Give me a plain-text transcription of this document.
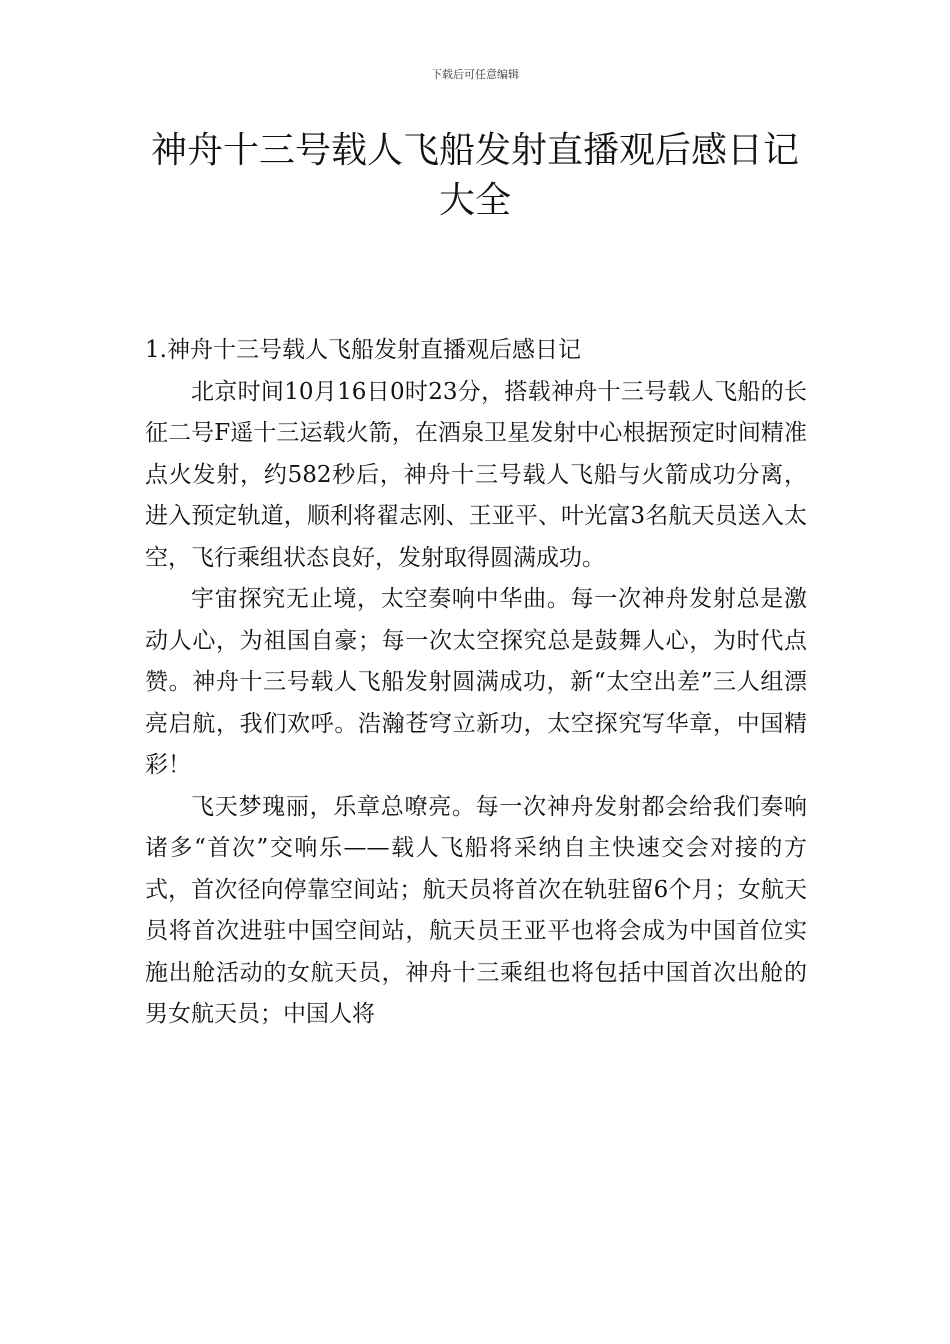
下载后可任意编辑
神舟十三号载人飞船发射直播观后感日记
大全
1.神舟十三号载人飞船发射直播观后感日记

北京时间10月16日0时23分，搭载神舟十三号载人飞船的长征二号F遥十三运载火箭，在酒泉卫星发射中心根据预定时间精准点火发射，约582秒后，神舟十三号载人飞船与火箭成功分离，进入预定轨道，顺利将翟志刚、王亚平、叶光富3名航天员送入太空，飞行乘组状态良好，发射取得圆满成功。

宇宙探究无止境，太空奏响中华曲。每一次神舟发射总是激动人心，为祖国自豪；每一次太空探究总是鼓舞人心，为时代点赞。神舟十三号载人飞船发射圆满成功，新“太空出差”三人组漂亮启航，我们欢呼。浩瀚苍穹立新功，太空探究写华章，中国精彩！

飞天梦瑰丽，乐章总嘹亮。每一次神舟发射都会给我们奏响诸多“首次”交响乐——载人飞船将采纳自主快速交会对接的方式，首次径向停靠空间站；航天员将首次在轨驻留6个月；女航天员将首次进驻中国空间站，航天员王亚平也将会成为中国首位实施出舱活动的女航天员，神舟十三乘组也将包括中国首次出舱的男女航天员；中国人将
